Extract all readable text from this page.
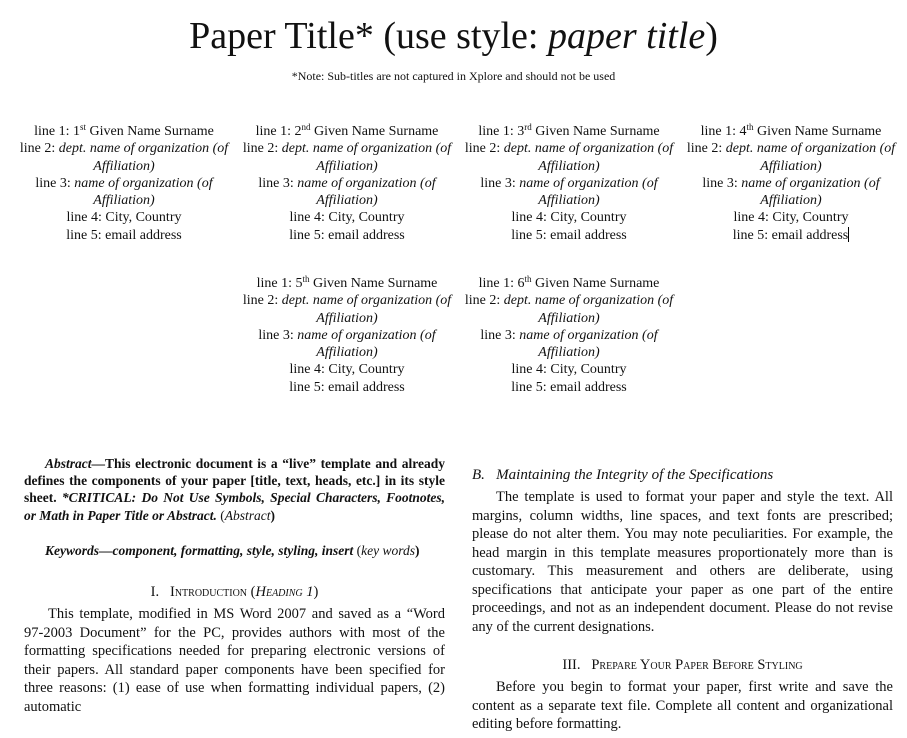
Paper Title* (use style: paper title)
*Note: Sub-titles are not captured in Xplore and should not be used
line 1: 1st Given Name Surname
line 2: dept. name of organization (of Affiliation)
line 3: name of organization (of Affiliation)
line 4: City, Country
line 5: email address
line 1: 2nd Given Name Surname
line 2: dept. name of organization (of Affiliation)
line 3: name of organization (of Affiliation)
line 4: City, Country
line 5: email address
line 1: 3rd Given Name Surname
line 2: dept. name of organization (of Affiliation)
line 3: name of organization (of Affiliation)
line 4: City, Country
line 5: email address
line 1: 4th Given Name Surname
line 2: dept. name of organization (of Affiliation)
line 3: name of organization (of Affiliation)
line 4: City, Country
line 5: email address
line 1: 5th Given Name Surname
line 2: dept. name of organization (of Affiliation)
line 3: name of organization (of Affiliation)
line 4: City, Country
line 5: email address
line 1: 6th Given Name Surname
line 2: dept. name of organization (of Affiliation)
line 3: name of organization (of Affiliation)
line 4: City, Country
line 5: email address

Abstract—This electronic document is a “live” template and already defines the components of your paper [title, text, heads, etc.] in its style sheet. *CRITICAL: Do Not Use Symbols, Special Characters, Footnotes, or Math in Paper Title or Abstract. (Abstract)

Keywords—component, formatting, style, styling, insert (key words)

I. Introduction (Heading 1)

This template, modified in MS Word 2007 and saved as a “Word 97-2003 Document” for the PC, provides authors with most of the formatting specifications needed for preparing electronic versions of their papers. All standard paper components have been specified for three reasons: (1) ease of use when formatting individual papers, (2) automatic

B. Maintaining the Integrity of the Specifications

The template is used to format your paper and style the text. All margins, column widths, line spaces, and text fonts are prescribed; please do not alter them. You may note peculiarities. For example, the head margin in this template measures proportionately more than is customary. This measurement and others are deliberate, using specifications that anticipate your paper as one part of the entire proceedings, and not as an independent document. Please do not revise any of the current designations.

III. Prepare Your Paper Before Styling

Before you begin to format your paper, first write and save the content as a separate text file. Complete all content and organizational editing before formatting.
